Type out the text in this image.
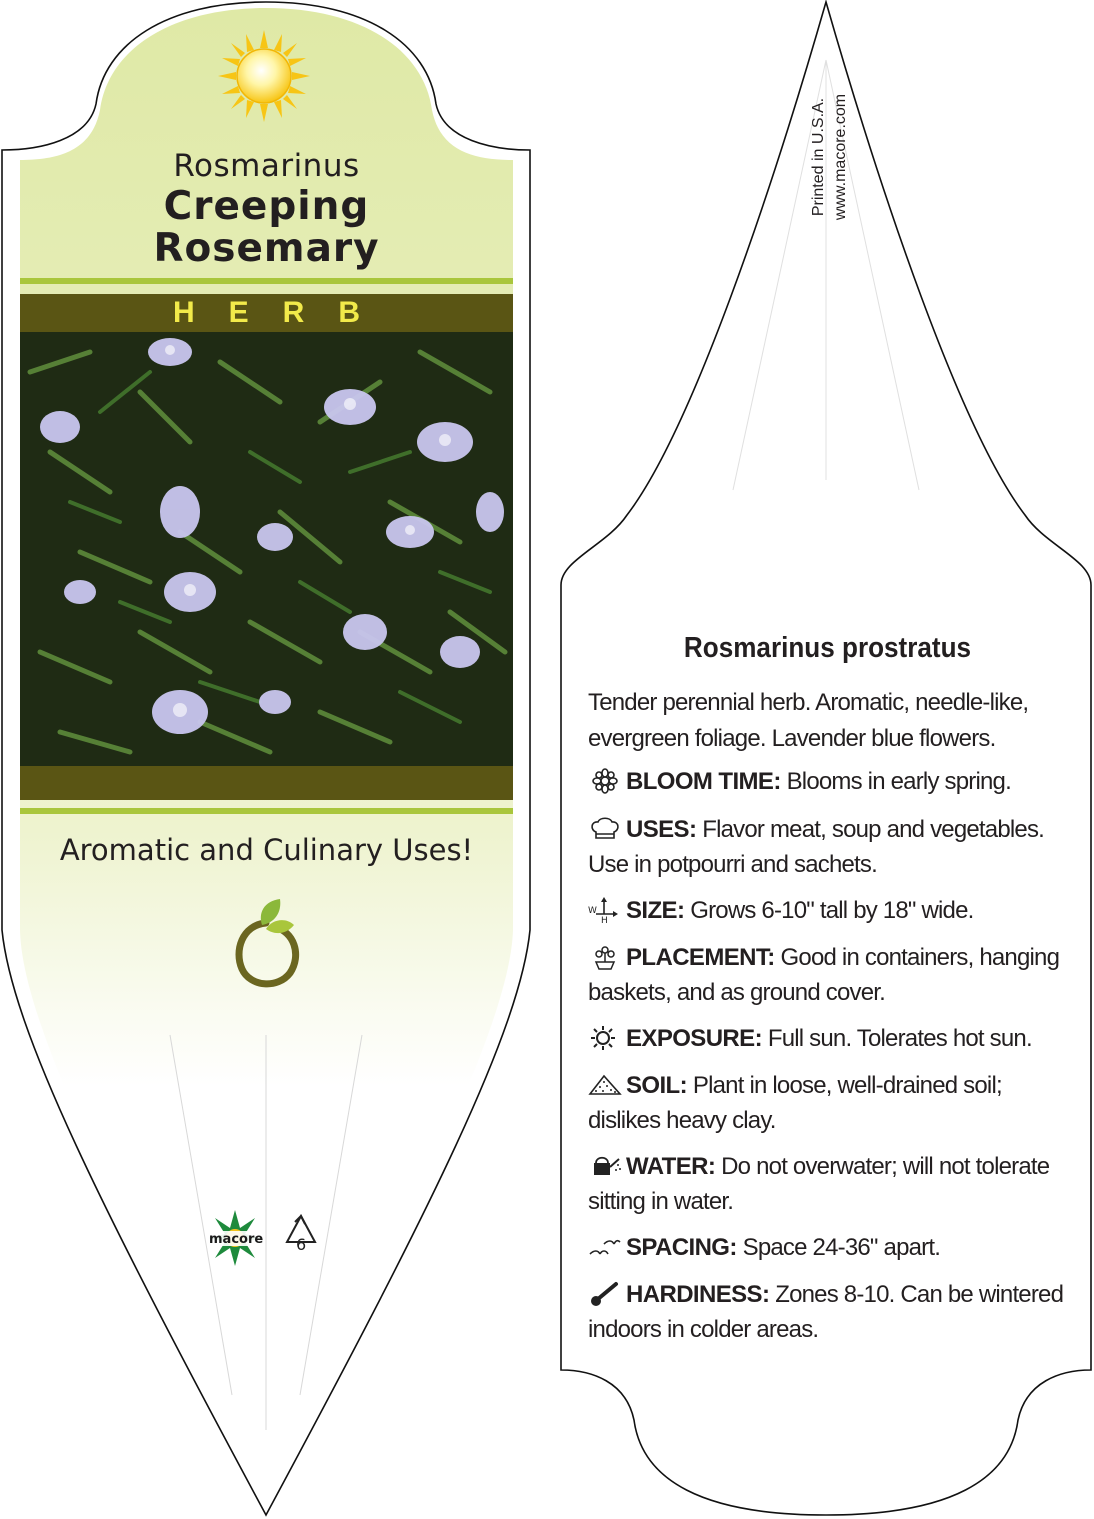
Rosmarinus
Creeping
Rosemary
HERB
Aromatic and Culinary Uses!
macore 6
Printed in U.S.A. www.macore.com
Rosmarinus prostratus
Tender perennial herb. Aromatic, needle-like, evergreen foliage. Lavender blue flowers.
BLOOM TIME: Blooms in early spring.
USES: Flavor meat, soup and vegetables. Use in potpourri and sachets.
W
H SIZE: Grows 6-10" tall by 18" wide.
PLACEMENT: Good in containers, hanging baskets, and as ground cover.
EXPOSURE: Full sun. Tolerates hot sun.
SOIL: Plant in loose, well-drained soil; dislikes heavy clay.
WATER: Do not overwater; will not tolerate sitting in water.
SPACING: Space 24-36" apart.
HARDINESS: Zones 8-10. Can be wintered indoors in colder areas.
